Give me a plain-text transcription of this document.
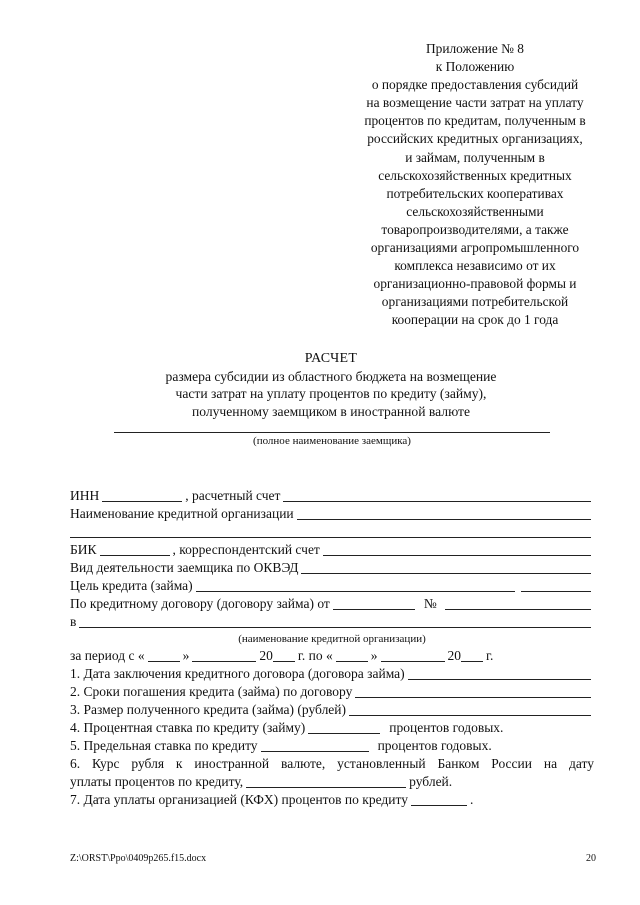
Приложение № 8
к Положению
о порядке предоставления субсидий
на возмещение части затрат на уплату
процентов по кредитам, полученным в
российских кредитных организациях,
и займам, полученным в
сельскохозяйственных кредитных
потребительских кооперативах
сельскохозяйственными
товаропроизводителями, а также
организациями агропромышленного
комплекса независимо от их
организационно-правовой формы и
организациями потребительской
кооперации на срок до 1 года
РАСЧЕТ
размера субсидии из областного бюджета на возмещение
части затрат на уплату процентов по кредиту (займу),
полученному заемщиком в иностранной валюте
(полное наименование заемщика)
ИНН	, расчетный счет
Наименование кредитной организации
БИК	, корреспондентский счет
Вид деятельности заемщика по ОКВЭД
Цель кредита (займа)
По кредитному договору (договору займа) от	№
в
(наименование кредитной организации)
за период с «	»	20 г. по «	»	20 г.
1. Дата заключения кредитного договора (договора займа)
2. Сроки погашения кредита (займа) по договору
3. Размер полученного кредита (займа) (рублей)
4. Процентная ставка по кредиту (займу)	процентов годовых.
5. Предельная ставка по кредиту	процентов годовых.
6. Курс рубля к иностранной валюте, установленный Банком России на дату
уплаты процентов по кредиту,	рублей.
7. Дата уплаты организацией (КФХ) процентов по кредиту	.
Z:\ORST\Ppo\0409p265.f15.docx	20
